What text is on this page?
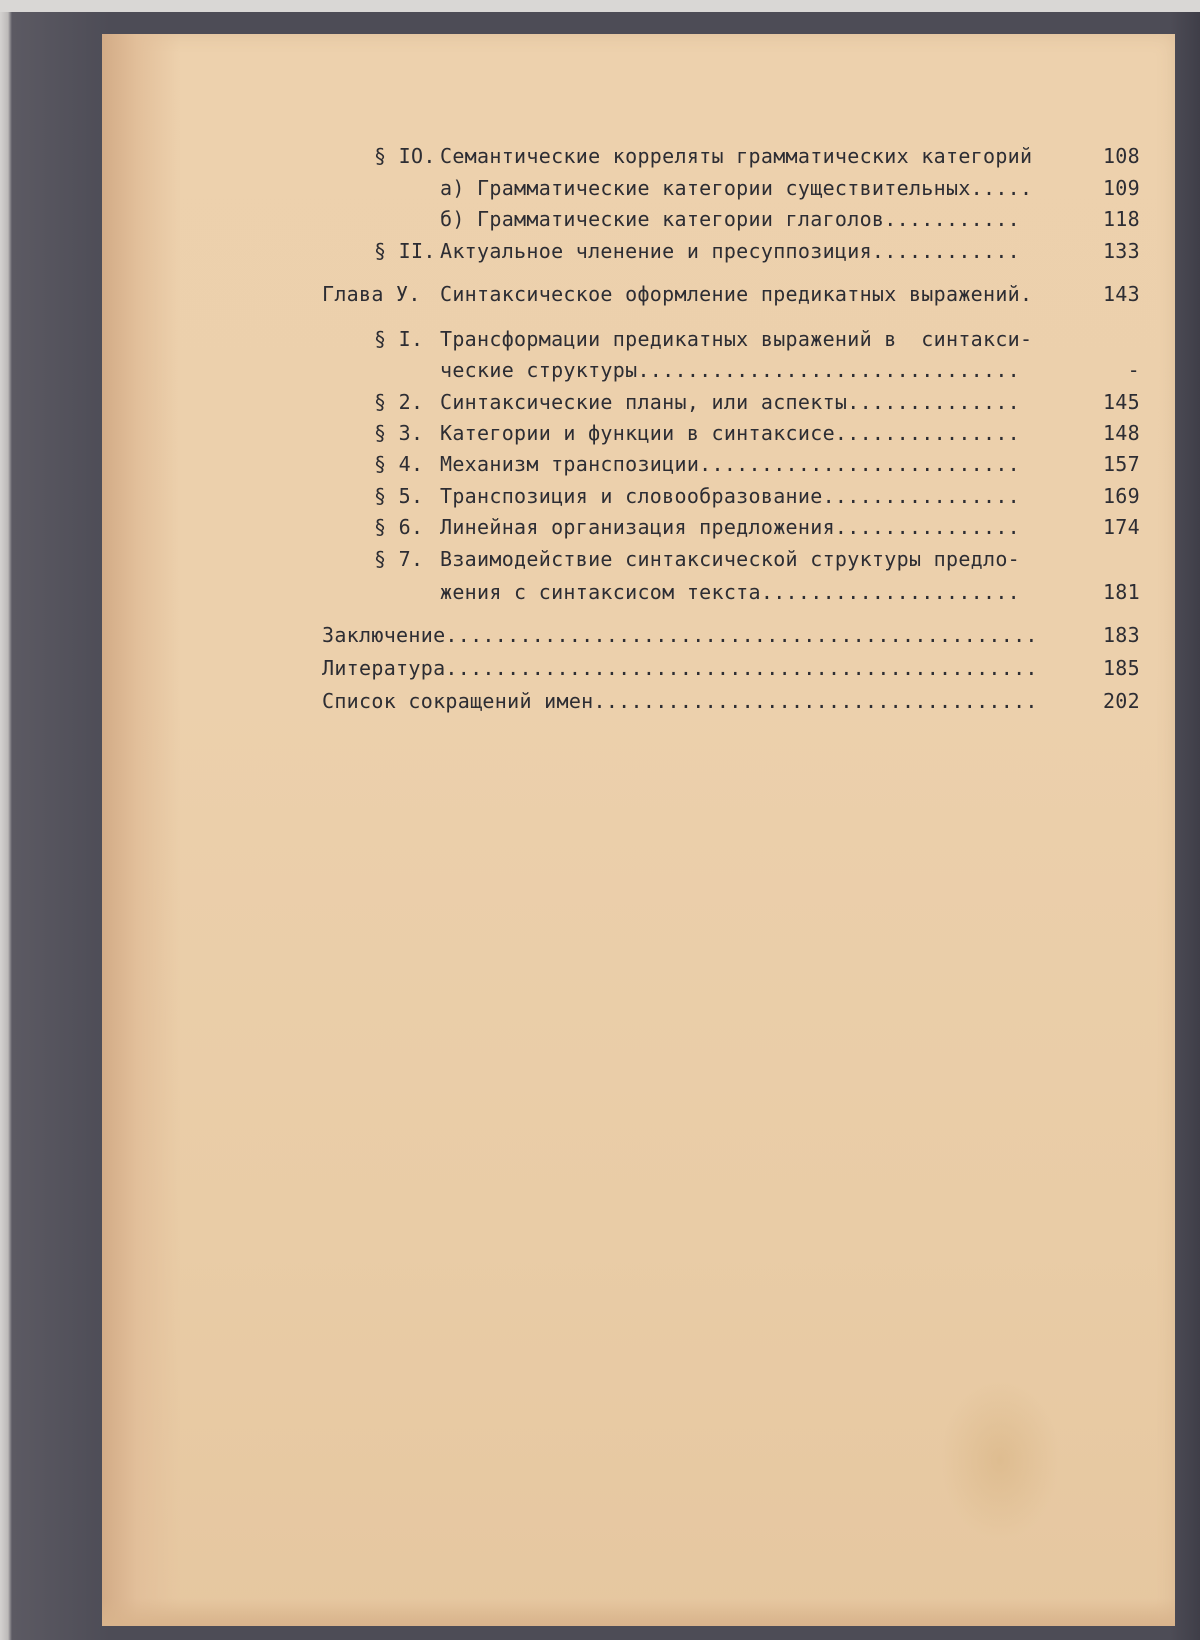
§ IO. Семантические корреляты грамматических категорий	108
а) Грамматические категории существительных.....	109
б) Грамматические категории глаголов...........	118
§ II. Актуальное членение и пресуппозиция............	133
Глава У. Синтаксическое оформление предикатных выражений.	143
§ I. Трансформации предикатных выражений в  синтакси-
ческие структуры...............................	-
§ 2. Синтаксические планы, или аспекты..............	145
§ 3. Категории и функции в синтаксисе...............	148
§ 4. Механизм транспозиции..........................	157
§ 5. Транспозиция и словообразование................	169
§ 6. Линейная организация предложения...............	174
§ 7. Взаимодействие синтаксической структуры предло-
жения с синтаксисом текста.....................	181
Заключение................................................	183
Литература................................................	185
Список сокращений имен....................................	202
